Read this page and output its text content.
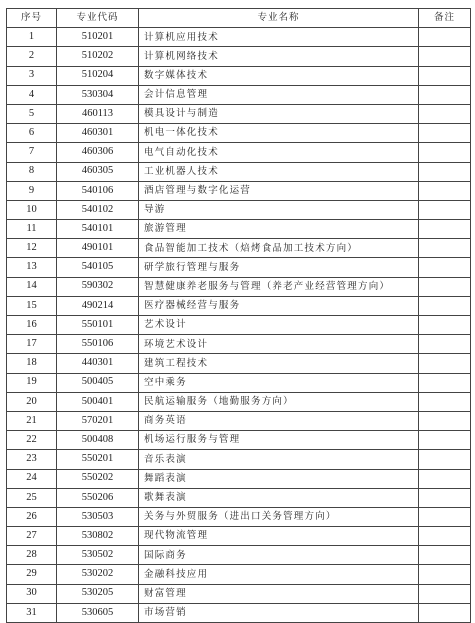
序号	专业代码	专业名称	备注
1	510201	计算机应用技术	
2	510202	计算机网络技术	
3	510204	数字媒体技术	
4	530304	会计信息管理	
5	460113	模具设计与制造	
6	460301	机电一体化技术	
7	460306	电气自动化技术	
8	460305	工业机器人技术	
9	540106	酒店管理与数字化运营	
10	540102	导游	
11	540101	旅游管理	
12	490101	食品智能加工技术（焙烤食品加工技术方向）	
13	540105	研学旅行管理与服务	
14	590302	智慧健康养老服务与管理（养老产业经营管理方向）	
15	490214	医疗器械经营与服务	
16	550101	艺术设计	
17	550106	环境艺术设计	
18	440301	建筑工程技术	
19	500405	空中乘务	
20	500401	民航运输服务（地勤服务方向）	
21	570201	商务英语	
22	500408	机场运行服务与管理	
23	550201	音乐表演	
24	550202	舞蹈表演	
25	550206	歌舞表演	
26	530503	关务与外贸服务（进出口关务管理方向）	
27	530802	现代物流管理	
28	530502	国际商务	
29	530202	金融科技应用	
30	530205	财富管理	
31	530605	市场营销	
